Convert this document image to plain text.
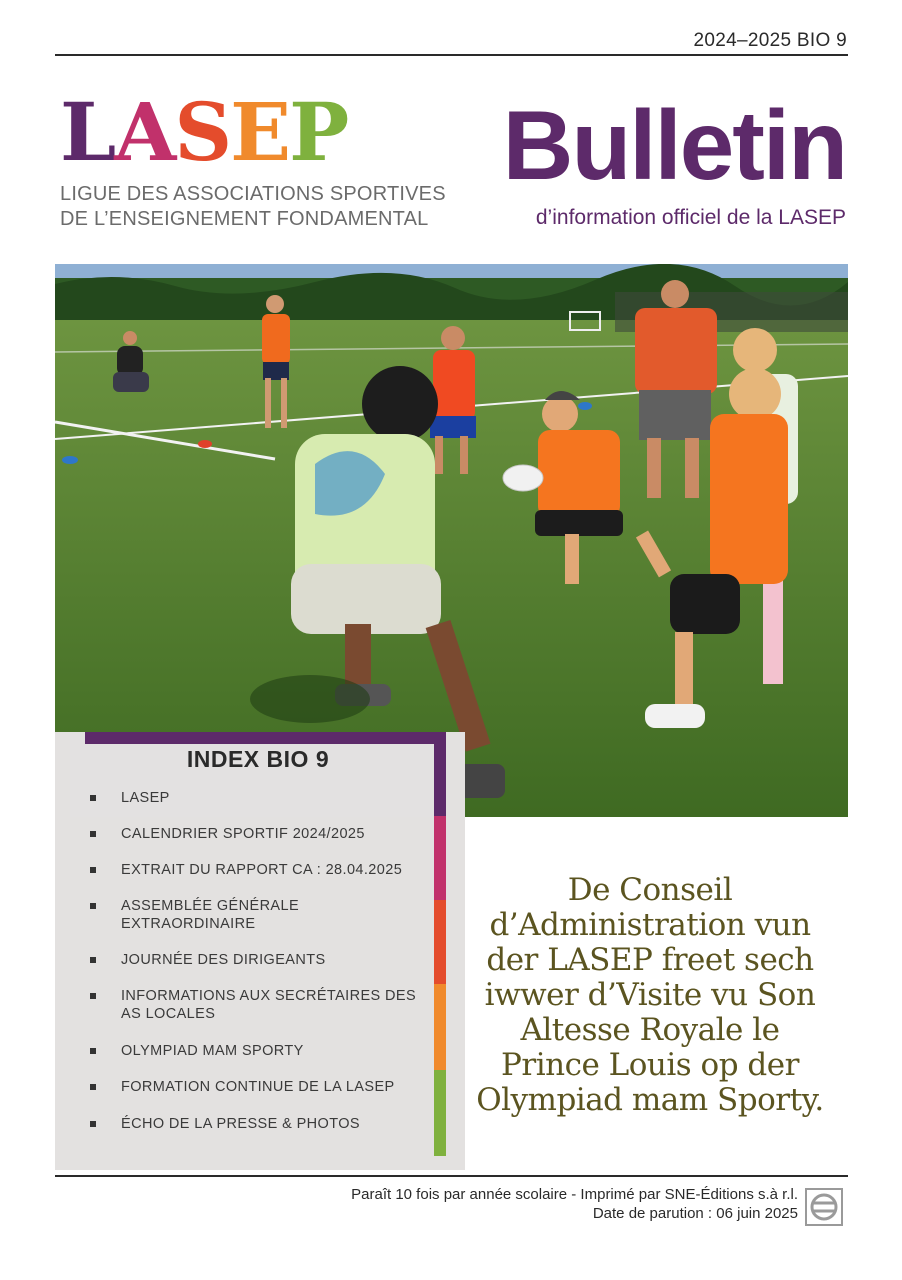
2024–2025 BIO 9
LASEP
LIGUE DES ASSOCIATIONS SPORTIVES
DE L’ENSEIGNEMENT FONDAMENTAL
Bulletin
d’information officiel de la LASEP
INDEX BIO 9
LASEP
CALENDRIER SPORTIF 2024/2025
EXTRAIT DU RAPPORT CA : 28.04.2025
ASSEMBLÉE GÉNÉRALE EXTRAORDINAIRE
JOURNÉE DES DIRIGEANTS
INFORMATIONS AUX SECRÉTAIRES DES AS LOCALES
OLYMPIAD MAM SPORTY
FORMATION CONTINUE DE LA LASEP
ÉCHO DE LA PRESSE & PHOTOS
De Conseil d’Administration vun der LASEP freet sech iwwer d’Visite vu Son Altesse Royale le Prince Louis op der Olympiad mam Sporty.
Paraît 10 fois par année scolaire - Imprimé par SNE-Éditions s.à r.l.
Date de parution : 06 juin 2025
